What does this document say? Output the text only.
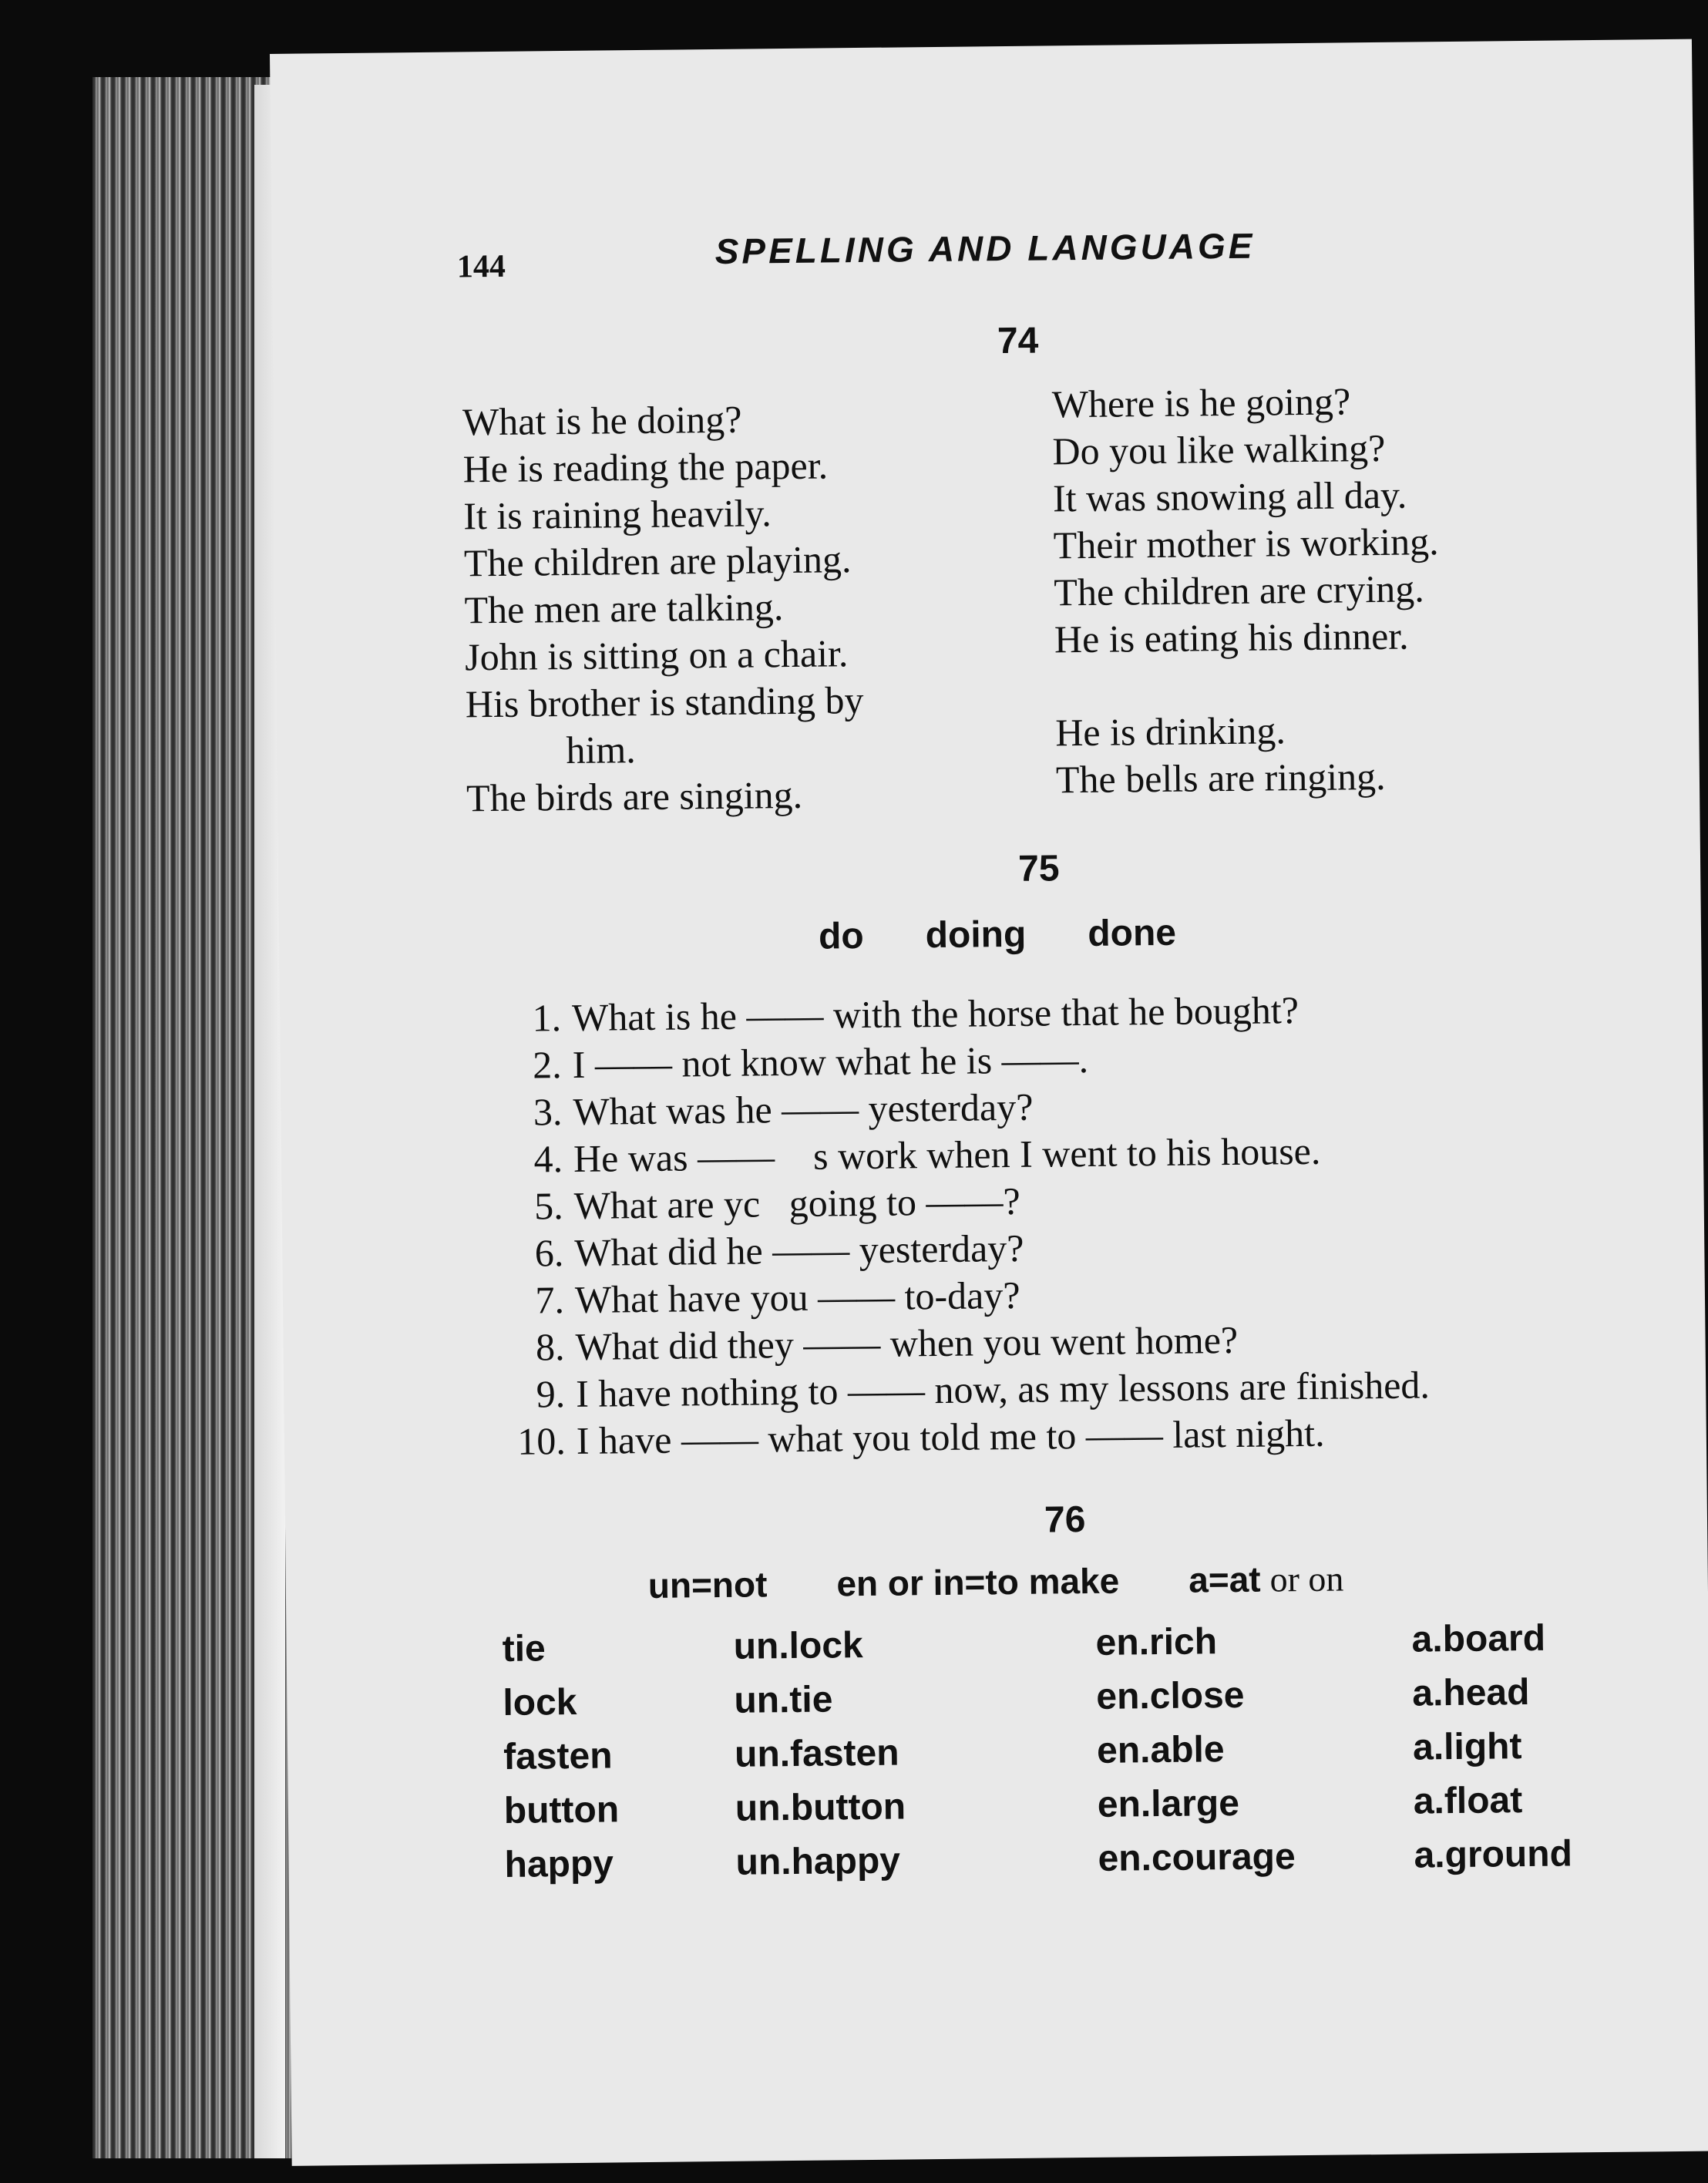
144	SPELLING AND LANGUAGE
74
What is he doing?
He is reading the paper.
It is raining heavily.
The children are playing.
The men are talking.
John is sitting on a chair.
His brother is standing by
him.
The birds are singing.
Where is he going?
Do you like walking?
It was snowing all day.
Their mother is working.
The children are crying.
He is eating his dinner.
He is drinking.
The bells are ringing.
75
do doing done
1. What is he —— with the horse that he bought?
2. I —— not know what he is ——.
3. What was he —— yesterday?
4. He was ——    s work when I went to his house.
5. What are yc   going to ——?
6. What did he —— yesterday?
7. What have you —— to-day?
8. What did they —— when you went home?
9. I have nothing to —— now, as my lessons are finished.
10. I have —— what you told me to —— last night.
76
un=not en or in=to make a=at or on
tie
lock
fasten
button
happy
un.lock
un.tie
un.fasten
un.button
un.happy
en.rich
en.close
en.able
en.large
en.courage
a.board
a.head
a.light
a.float
a.ground
